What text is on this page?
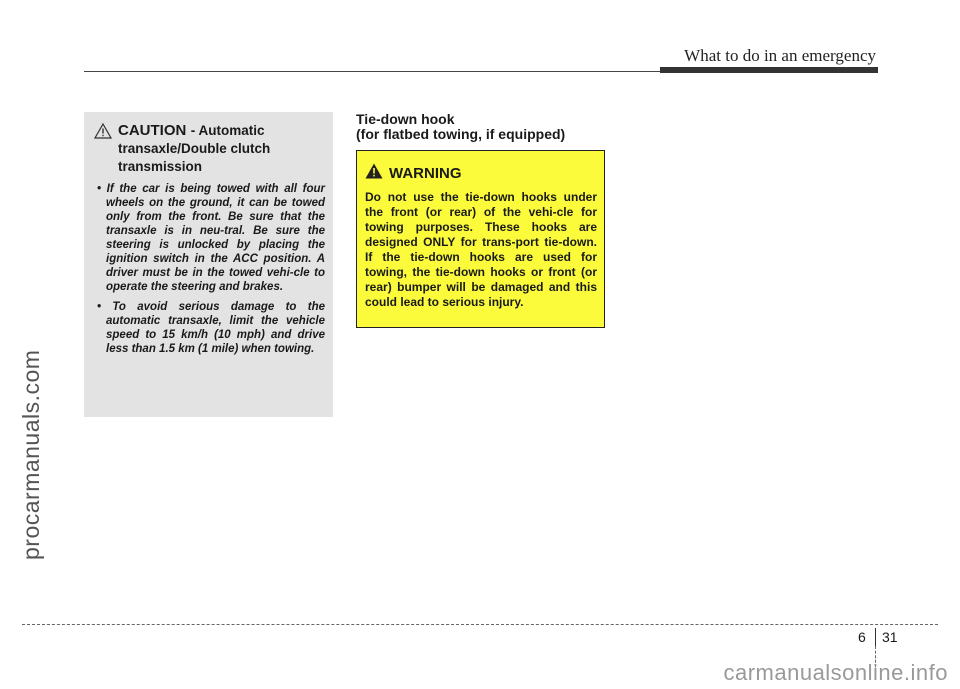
What to do in an emergency
procarmanuals.com
CAUTION - Automatic transaxle/Double clutch transmission
• If the car is being towed with all four wheels on the ground, it can be towed only from the front. Be sure that the transaxle is in neu-tral. Be sure the steering is unlocked by placing the ignition switch in the ACC position. A driver must be in the towed vehi-cle to operate the steering and brakes.
• To avoid serious damage to the automatic transaxle, limit the vehicle speed to 15 km/h (10 mph) and drive less than 1.5 km (1 mile) when towing.
Tie-down hook
(for flatbed towing, if equipped)
WARNING
Do not use the tie-down hooks under the front (or rear) of the vehi-cle for towing purposes. These hooks are designed ONLY for trans-port tie-down. If the tie-down hooks are used for towing, the tie-down hooks or front (or rear) bumper will be damaged and this could lead to serious injury.
6 31
carmanualsonline.info
